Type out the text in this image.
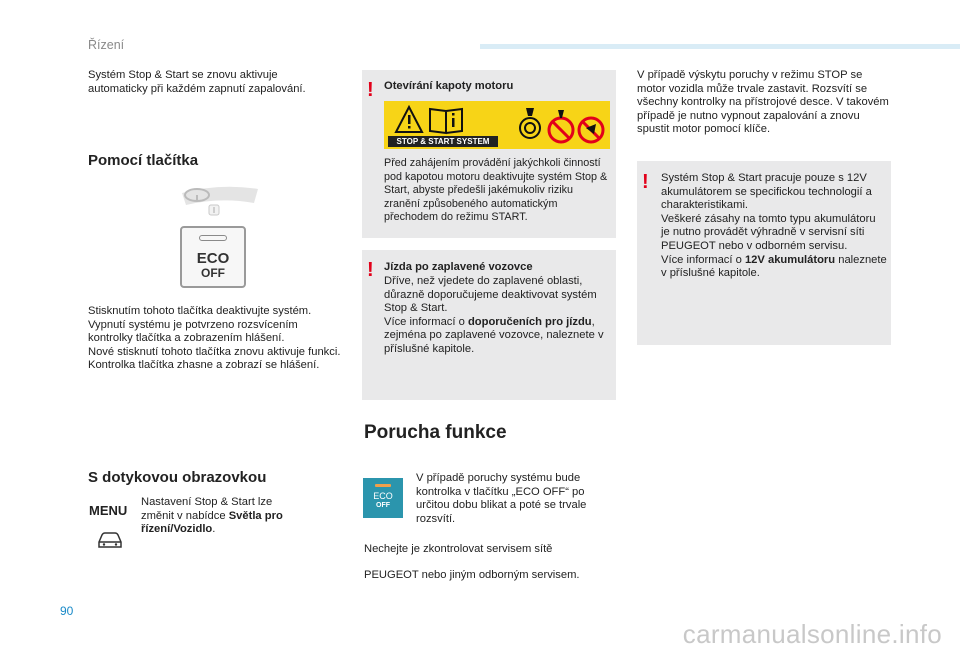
Řízení
Systém Stop & Start se znovu aktivuje automaticky při každém zapnutí zapalování.
Pomocí tlačítka
ECO
OFF
Stisknutím tohoto tlačítka deaktivujte systém.
Vypnutí systému je potvrzeno rozsvícením kontrolky tlačítka a zobrazením hlášení.
Nové stisknutí tohoto tlačítka znovu aktivuje funkci.
Kontrolka tlačítka zhasne a zobrazí se hlášení.
S dotykovou obrazovkou
MENU
Nastavení Stop & Start lze změnit v nabídce Světla pro řízení/Vozidlo.
! Otevírání kapoty motoru
STOP & START SYSTEM
Před zahájením provádění jakýchkoli činností pod kapotou motoru deaktivujte systém Stop & Start, abyste předešli jakémukoliv riziku zranění způsobeného automatickým přechodem do režimu START.
! Jízda po zaplavené vozovce
Dříve, než vjedete do zaplavené oblasti, důrazně doporučujeme deaktivovat systém Stop & Start.
Více informací o doporučeních pro jízdu, zejména po zaplavené vozovce, naleznete v příslušné kapitole.
Porucha funkce
ECO
OFF
V případě poruchy systému bude kontrolka v tlačítku „ECO OFF“ po určitou dobu blikat a poté se trvale rozsvítí.
Nechejte je zkontrolovat servisem sítě
PEUGEOT nebo jiným odborným servisem.
V případě výskytu poruchy v režimu STOP se motor vozidla může trvale zastavit. Rozsvítí se všechny kontrolky na přístrojové desce. V takovém případě je nutno vypnout zapalování a znovu spustit motor pomocí klíče.
! Systém Stop & Start pracuje pouze s 12V akumulátorem se specifickou technologií a charakteristikami.
Veškeré zásahy na tomto typu akumulátoru je nutno provádět výhradně v servisní síti PEUGEOT nebo v odborném servisu.
Více informací o 12V akumulátoru naleznete v příslušné kapitole.
90
carmanualsonline.info
